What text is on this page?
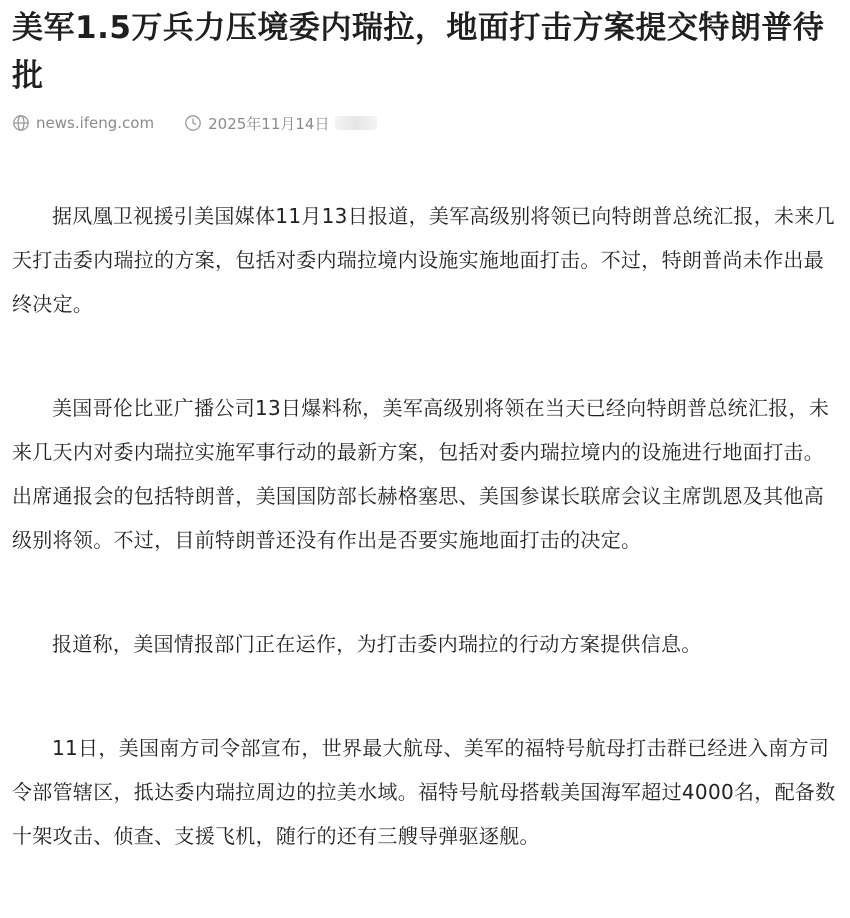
美军1.5万兵力压境委内瑞拉，地面打击方案提交特朗普待批
news.ifeng.com	2025年11月14日

据凤凰卫视援引美国媒体11月13日报道，美军高级别将领已向特朗普总统汇报，未来几天打击委内瑞拉的方案，包括对委内瑞拉境内设施实施地面打击。不过，特朗普尚未作出最终决定。

美国哥伦比亚广播公司13日爆料称，美军高级别将领在当天已经向特朗普总统汇报，未来几天内对委内瑞拉实施军事行动的最新方案，包括对委内瑞拉境内的设施进行地面打击。出席通报会的包括特朗普，美国国防部长赫格塞思、美国参谋长联席会议主席凯恩及其他高级别将领。不过，目前特朗普还没有作出是否要实施地面打击的决定。

报道称，美国情报部门正在运作，为打击委内瑞拉的行动方案提供信息。

11日，美国南方司令部宣布，世界最大航母、美军的福特号航母打击群已经进入南方司令部管辖区，抵达委内瑞拉周边的拉美水域。福特号航母搭载美国海军超过4000名，配备数十架攻击、侦查、支援飞机，随行的还有三艘导弹驱逐舰。
